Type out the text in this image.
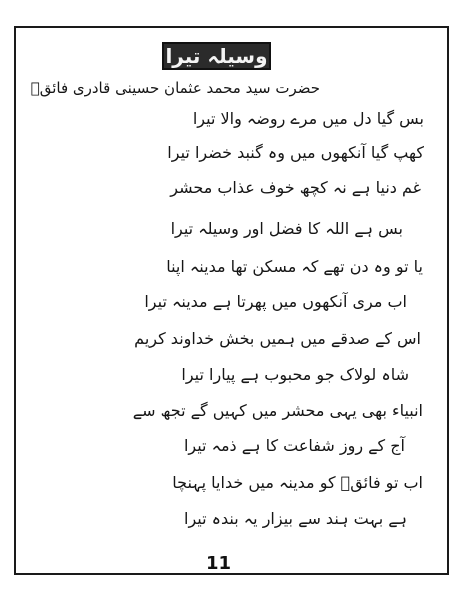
وسیلہ تیرا
حضرت سید محمد عثمان حسینی قادری فائقؔ
بس گیا دل میں مرے روضہ والا تیرا
کھپ گیا آنکھوں میں وہ گنبد خضرا تیرا
غم دنیا ہے نہ کچھ خوف عذاب محشر
بس ہے اللہ کا فضل اور وسیلہ تیرا
یا تو وہ دن تھے کہ مسکن تھا مدینہ اپنا
اب مری آنکھوں میں پھرتا ہے مدینہ تیرا
اس کے صدقے میں ہمیں بخش خداوند کریم
شاہ لولاک جو محبوب ہے پیارا تیرا
انبیاء بھی یہی محشر میں کہیں گے تجھ سے
آج کے روز شفاعت کا ہے ذمہ تیرا
اب تو فائقؔ کو مدینہ میں خدایا پہنچا
ہے بہت ہند سے بیزار یہ بندہ تیرا
11
